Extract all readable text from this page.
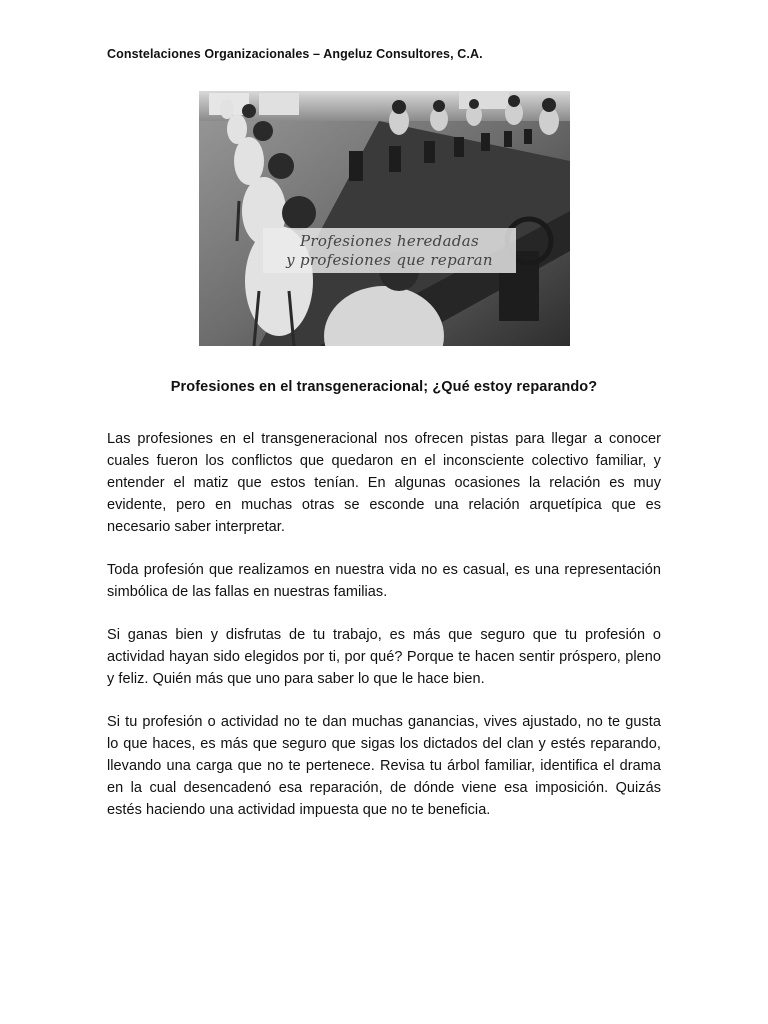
Constelaciones Organizacionales – Angeluz Consultores, C.A.
Profesiones heredadas
y profesiones que reparan
Profesiones en el transgeneracional; ¿Qué estoy reparando?

Las profesiones en el transgeneracional nos ofrecen pistas para llegar a conocer cuales fueron los conflictos que quedaron en el inconsciente colectivo familiar, y entender el matiz que estos tenían. En algunas ocasiones la relación es muy evidente, pero en muchas otras se esconde una relación arquetípica que es necesario saber interpretar.

Toda profesión que realizamos en nuestra vida no es casual, es una representación simbólica de las fallas en nuestras familias.

Si ganas bien y disfrutas de tu trabajo, es más que seguro que tu profesión o actividad hayan sido elegidos por ti, por qué? Porque te hacen sentir próspero, pleno y feliz. Quién más que uno para saber lo que le hace bien.

Si tu profesión o actividad no te dan muchas ganancias, vives ajustado, no te gusta lo que haces, es más que seguro que sigas los dictados del clan y estés reparando, llevando una carga que no te pertenece. Revisa tu árbol familiar, identifica el drama en la cual desencadenó esa reparación, de dónde viene esa imposición. Quizás estés haciendo una actividad impuesta que no te beneficia.
